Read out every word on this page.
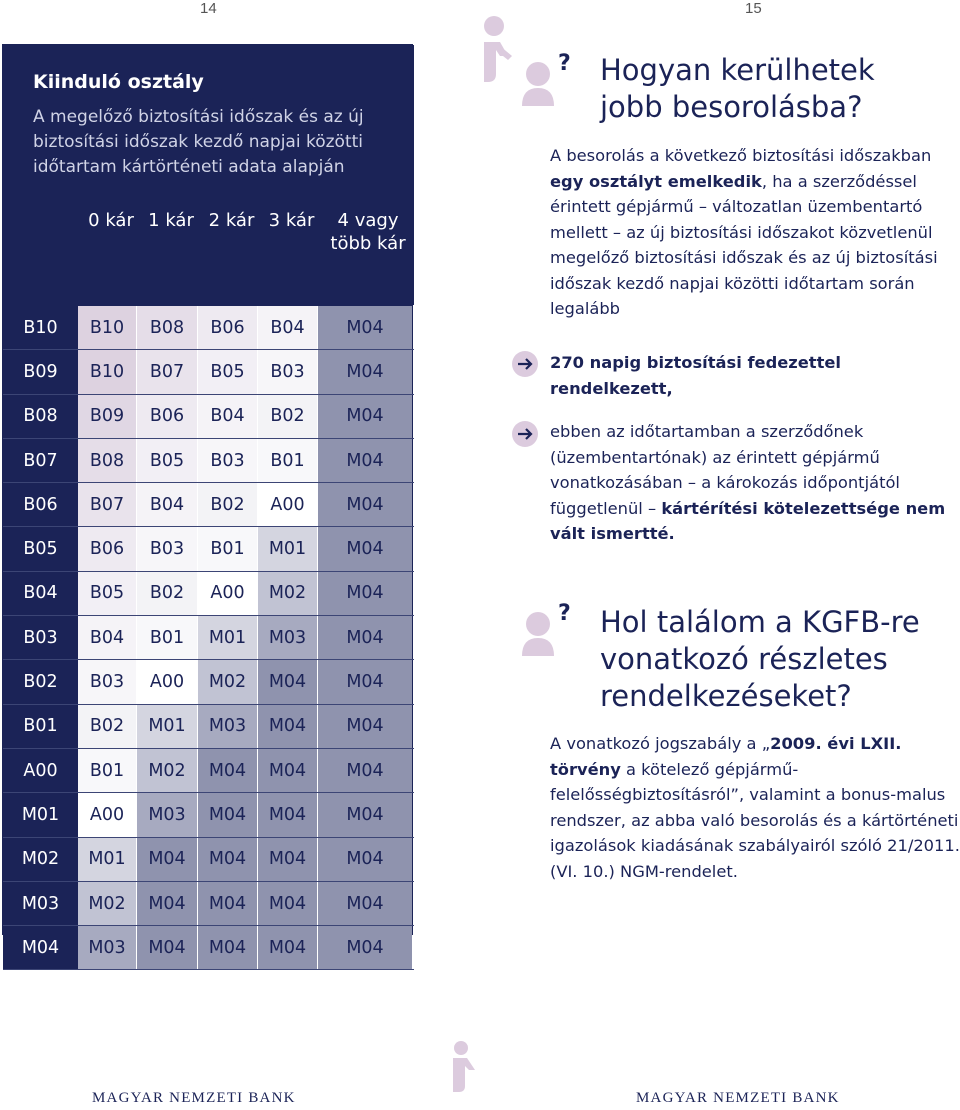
14	15
Kiinduló osztály
A megelőző biztosítási időszak és az új biztosítási időszak kezdő napjai közötti időtartam kártörténeti adata alapján
0 kár 1 kár 2 kár 3 kár	4 vagy több kár
B10	B10	B08	B06	B04	M04
B09	B10	B07	B05	B03	M04
B08	B09	B06	B04	B02	M04
B07	B08	B05	B03	B01	M04
B06	B07	B04	B02	A00	M04
B05	B06	B03	B01	M01	M04
B04	B05	B02	A00	M02	M04
B03	B04	B01	M01	M03	M04
B02	B03	A00	M02	M04	M04
B01	B02	M01	M03	M04	M04
A00	B01	M02	M04	M04	M04
M01	A00	M03	M04	M04	M04
M02	M01	M04	M04	M04	M04
M03	M02	M04	M04	M04	M04
M04	M03	M04	M04	M04	M04
? Hogyan kerülhetek jobb besorolásba?
A besorolás a következő biztosítási időszakban egy osztályt emelkedik, ha a szerződéssel érintett gépjármű – változatlan üzembentartó mellett – az új biztosítási időszakot közvetlenül megelőző biztosítási időszak és az új biztosítási időszak kezdő napjai közötti időtartam során legalább
270 napig biztosítási fedezettel rendelkezett,
ebben az időtartamban a szerződőnek (üzembentartónak) az érintett gépjármű vonatkozásában – a károkozás időpontjától függetlenül – kártérítési kötelezettsége nem vált ismertté.
? Hol találom a KGFB-re vonatkozó részletes rendelkezéseket?
A vonatkozó jogszabály a „2009. évi LXII. törvény a kötelező gépjármű-felelősségbiztosításról”, valamint a bonus-malus rendszer, az abba való besorolás és a kártörténeti igazolások kiadásának szabályairól szóló 21/2011. (VI. 10.) NGM-rendelet.
MAGYAR NEMZETI BANK	MAGYAR NEMZETI BANK
